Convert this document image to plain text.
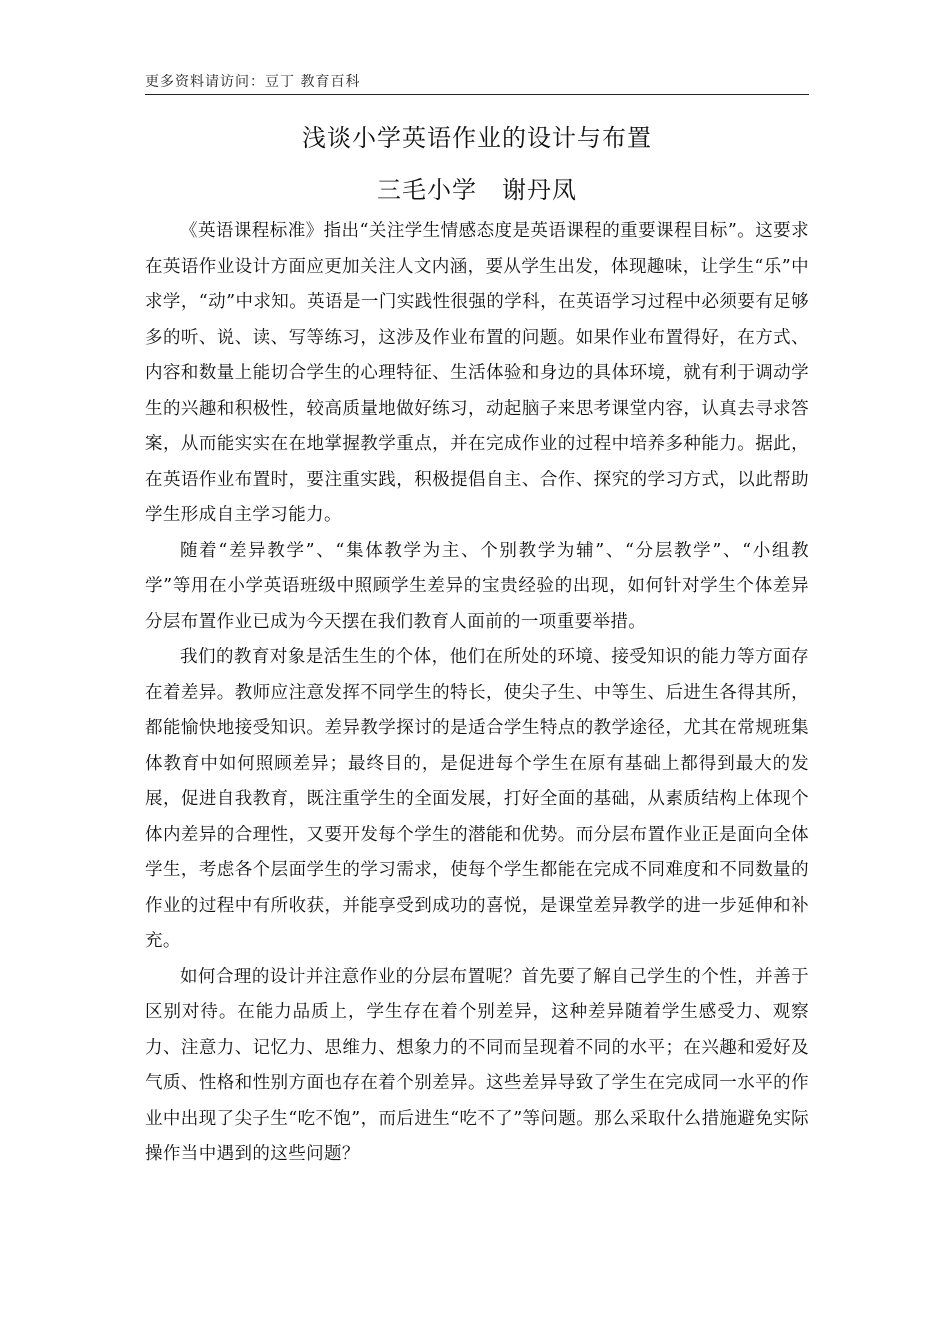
更多资料请访问：豆丁 教育百科
浅谈小学英语作业的设计与布置
三毛小学　谢丹凤

《英语课程标准》指出“关注学生情感态度是英语课程的重要课程目标”。这要求在英语作业设计方面应更加关注人文内涵，要从学生出发，体现趣味，让学生“乐”中求学，“动”中求知。英语是一门实践性很强的学科，在英语学习过程中必须要有足够多的听、说、读、写等练习，这涉及作业布置的问题。如果作业布置得好，在方式、内容和数量上能切合学生的心理特征、生活体验和身边的具体环境，就有利于调动学生的兴趣和积极性，较高质量地做好练习，动起脑子来思考课堂内容，认真去寻求答案，从而能实实在在地掌握教学重点，并在完成作业的过程中培养多种能力。据此，在英语作业布置时，要注重实践，积极提倡自主、合作、探究的学习方式，以此帮助学生形成自主学习能力。

随着“差异教学”、“集体教学为主、个别教学为辅”、“分层教学”、“小组教学”等用在小学英语班级中照顾学生差异的宝贵经验的出现，如何针对学生个体差异分层布置作业已成为今天摆在我们教育人面前的一项重要举措。

我们的教育对象是活生生的个体，他们在所处的环境、接受知识的能力等方面存在着差异。教师应注意发挥不同学生的特长，使尖子生、中等生、后进生各得其所，都能愉快地接受知识。差异教学探讨的是适合学生特点的教学途径，尤其在常规班集体教育中如何照顾差异；最终目的，是促进每个学生在原有基础上都得到最大的发展，促进自我教育，既注重学生的全面发展，打好全面的基础，从素质结构上体现个体内差异的合理性，又要开发每个学生的潜能和优势。而分层布置作业正是面向全体学生，考虑各个层面学生的学习需求，使每个学生都能在完成不同难度和不同数量的作业的过程中有所收获，并能享受到成功的喜悦，是课堂差异教学的进一步延伸和补充。

如何合理的设计并注意作业的分层布置呢？首先要了解自己学生的个性，并善于区别对待。在能力品质上，学生存在着个别差异，这种差异随着学生感受力、观察力、注意力、记忆力、思维力、想象力的不同而呈现着不同的水平；在兴趣和爱好及气质、性格和性别方面也存在着个别差异。这些差异导致了学生在完成同一水平的作业中出现了尖子生“吃不饱”，而后进生“吃不了”等问题。那么采取什么措施避免实际操作当中遇到的这些问题？
